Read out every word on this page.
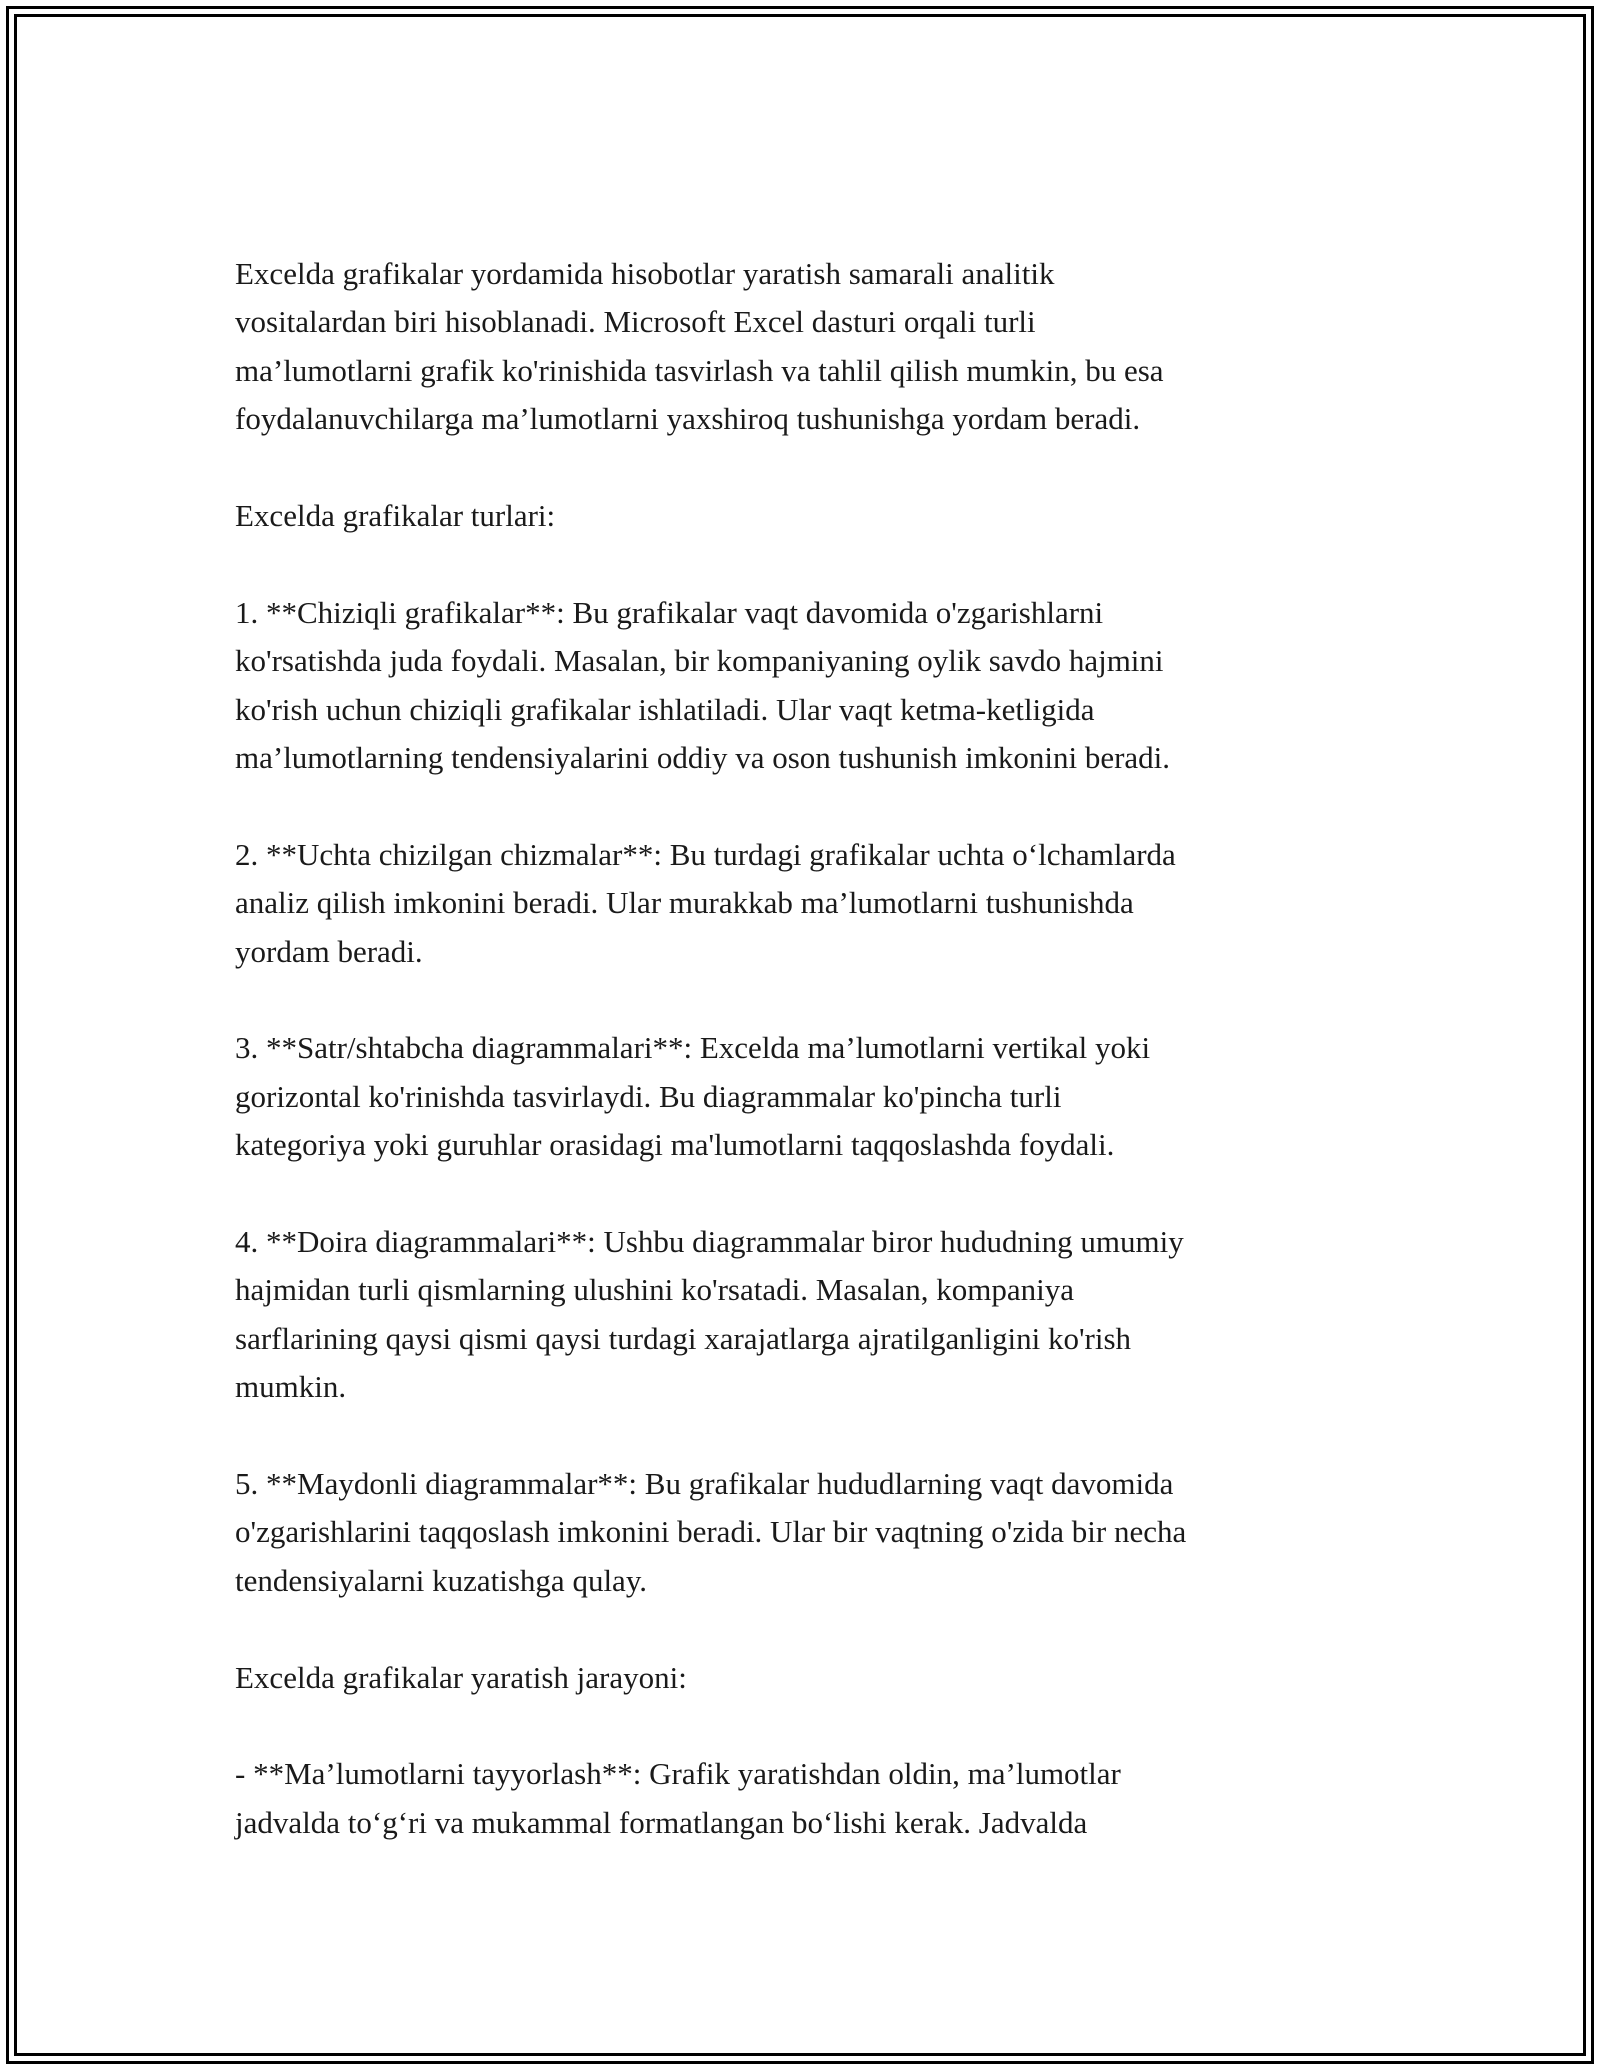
Excelda grafikalar yordamida hisobotlar yaratish samarali analitik
vositalardan biri hisoblanadi. Microsoft Excel dasturi orqali turli
ma’lumotlarni grafik ko'rinishida tasvirlash va tahlil qilish mumkin, bu esa
foydalanuvchilarga ma’lumotlarni yaxshiroq tushunishga yordam beradi.

Excelda grafikalar turlari:

1. **Chiziqli grafikalar**: Bu grafikalar vaqt davomida o'zgarishlarni
ko'rsatishda juda foydali. Masalan, bir kompaniyaning oylik savdo hajmini
ko'rish uchun chiziqli grafikalar ishlatiladi. Ular vaqt ketma-ketligida
ma’lumotlarning tendensiyalarini oddiy va oson tushunish imkonini beradi.

2. **Uchta chizilgan chizmalar**: Bu turdagi grafikalar uchta o‘lchamlarda
analiz qilish imkonini beradi. Ular murakkab ma’lumotlarni tushunishda
yordam beradi.

3. **Satr/shtabcha diagrammalari**: Excelda ma’lumotlarni vertikal yoki
gorizontal ko'rinishda tasvirlaydi. Bu diagrammalar ko'pincha turli
kategoriya yoki guruhlar orasidagi ma'lumotlarni taqqoslashda foydali.

4. **Doira diagrammalari**: Ushbu diagrammalar biror hududning umumiy
hajmidan turli qismlarning ulushini ko'rsatadi. Masalan, kompaniya
sarflarining qaysi qismi qaysi turdagi xarajatlarga ajratilganligini ko'rish
mumkin.

5. **Maydonli diagrammalar**: Bu grafikalar hududlarning vaqt davomida
o'zgarishlarini taqqoslash imkonini beradi. Ular bir vaqtning o'zida bir necha
tendensiyalarni kuzatishga qulay.

Excelda grafikalar yaratish jarayoni:

- **Ma’lumotlarni tayyorlash**: Grafik yaratishdan oldin, ma’lumotlar
jadvalda to‘g‘ri va mukammal formatlangan bo‘lishi kerak. Jadvalda
